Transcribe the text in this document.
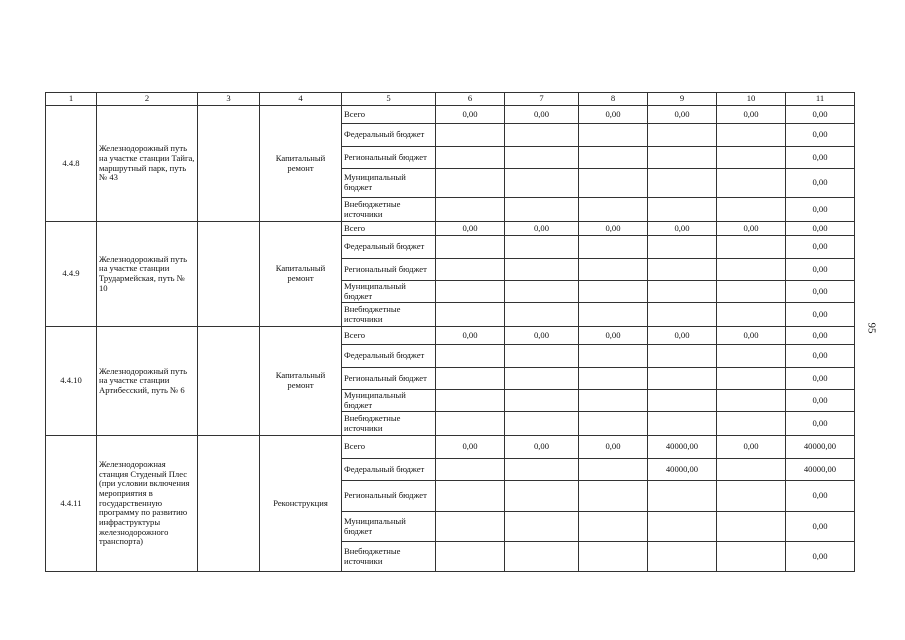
1	2	3	4	5	6	7	8	9	10	11
4.4.8	Железнодорожный путь на участке станции Тайга, маршрутный парк, путь № 43		Капитальный ремонт	Всего	0,00	0,00	0,00	0,00	0,00	0,00
				Федеральный бюджет						0,00
				Региональный бюджет						0,00
				Муниципальный бюджет						0,00
				Внебюджетные источники						0,00
4.4.9	Железнодорожный путь на участке станции Трудармейская, путь № 10		Капитальный ремонт	Всего	0,00	0,00	0,00	0,00	0,00	0,00
				Федеральный бюджет						0,00
				Региональный бюджет						0,00
				Муниципальный бюджет						0,00
				Внебюджетные источники						0,00
4.4.10	Железнодорожный путь на участке станции Артибесский, путь № 6		Капитальный ремонт	Всего	0,00	0,00	0,00	0,00	0,00	0,00
				Федеральный бюджет						0,00
				Региональный бюджет						0,00
				Муниципальный бюджет						0,00
				Внебюджетные источники						0,00
4.4.11	Железнодорожная станция Студеный Плес (при условии включения мероприятия в государственную программу по развитию инфраструктуры железнодорожного транспорта)		Реконструкция	Всего	0,00	0,00	0,00	40000,00	0,00	40000,00
				Федеральный бюджет				40000,00		40000,00
				Региональный бюджет						0,00
				Муниципальный бюджет						0,00
				Внебюджетные источники						0,00
95
